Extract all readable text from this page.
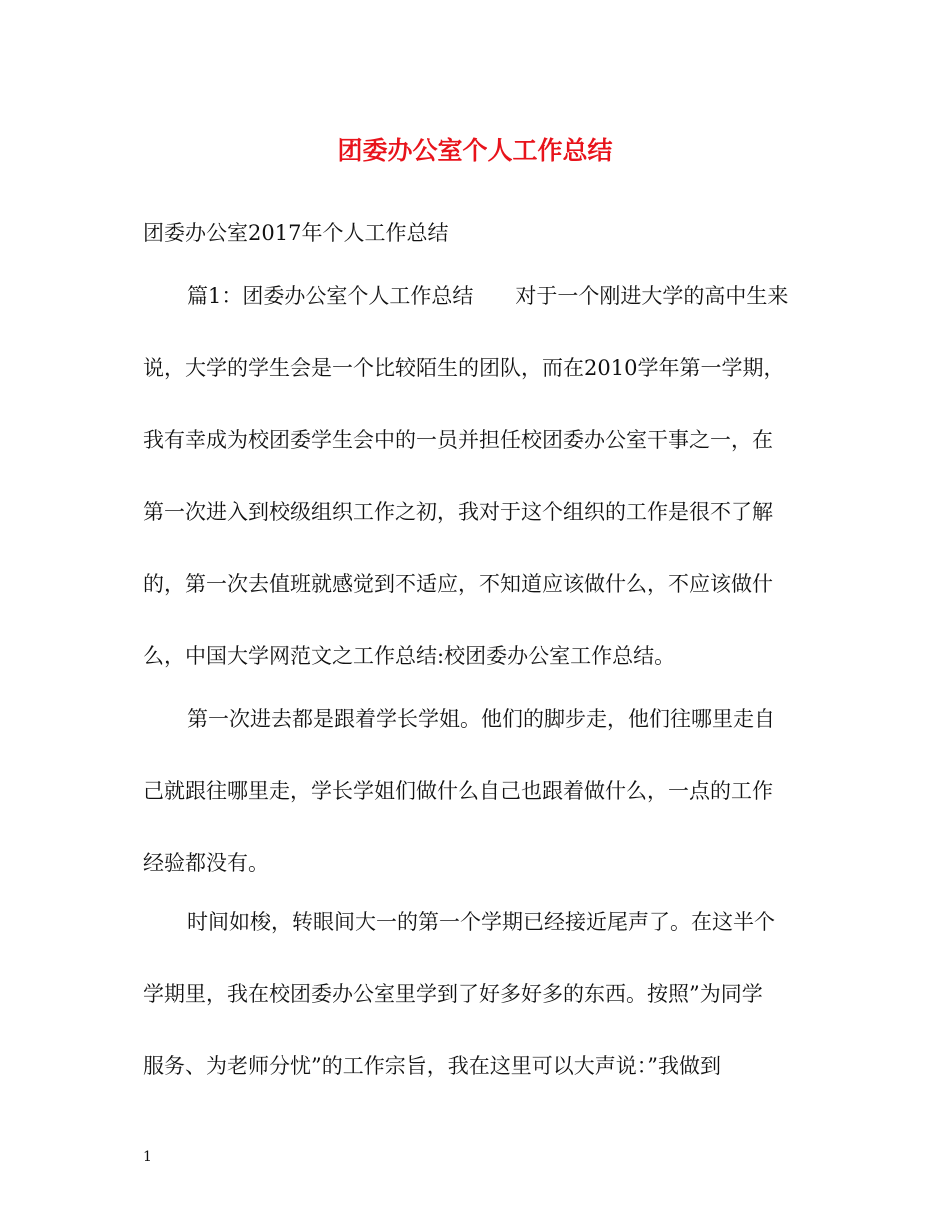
团委办公室个人工作总结
团委办公室2017年个人工作总结
篇1：团委办公室个人工作总结　　对于一个刚进大学的高中生来
说，大学的学生会是一个比较陌生的团队，而在2010学年第一学期，
我有幸成为校团委学生会中的一员并担任校团委办公室干事之一，在
第一次进入到校级组织工作之初，我对于这个组织的工作是很不了解
的，第一次去值班就感觉到不适应，不知道应该做什么，不应该做什
么，中国大学网范文之工作总结:校团委办公室工作总结。
第一次进去都是跟着学长学姐。他们的脚步走，他们往哪里走自
己就跟往哪里走，学长学姐们做什么自己也跟着做什么，一点的工作
经验都没有。
时间如梭，转眼间大一的第一个学期已经接近尾声了。在这半个
学期里，我在校团委办公室里学到了好多好多的东西。按照”为同学
服务、为老师分忧”的工作宗旨，我在这里可以大声说：”我做到
1
